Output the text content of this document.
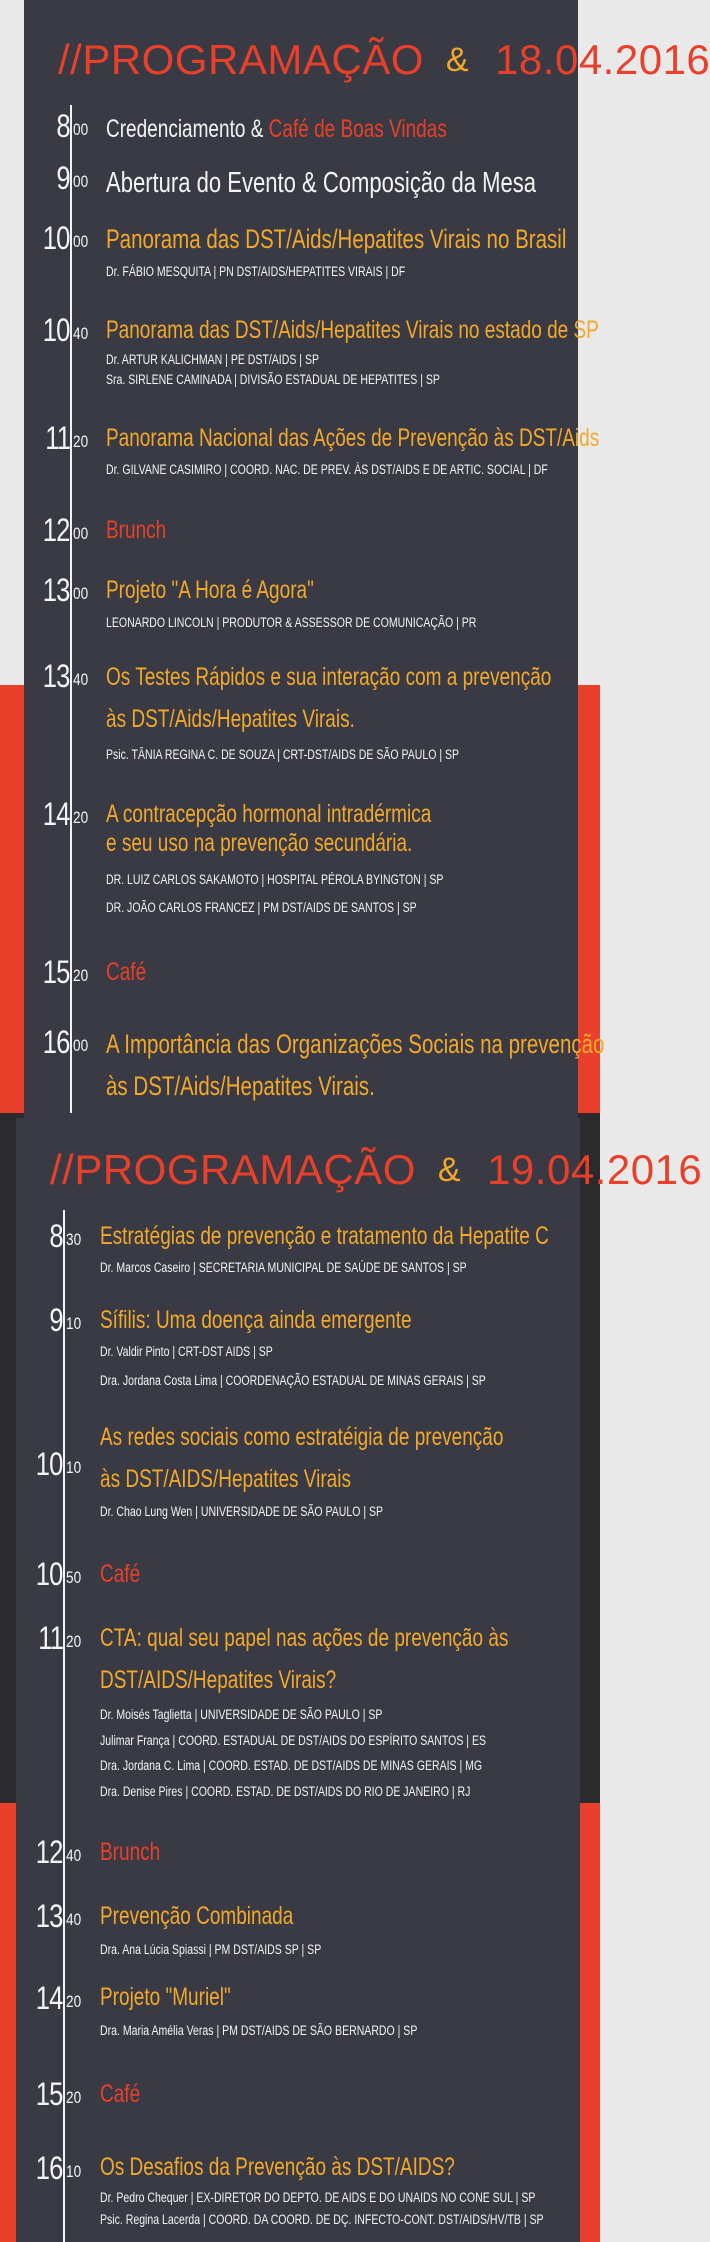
//PROGRAMAÇÃO & 18.04.2016
//PROGRAMAÇÃO & 19.04.2016
8 00 Credenciamento & Café de Boas Vindas
9 00 Abertura do Evento & Composição da Mesa
10 00 Panorama das DST/Aids/Hepatites Virais no Brasil
Dr. FÁBIO MESQUITA | PN DST/AIDS/HEPATITES VIRAIS | DF
10 40 Panorama das DST/Aids/Hepatites Virais no estado de SP
Dr. ARTUR KALICHMAN | PE DST/AIDS | SP
Sra. SIRLENE CAMINADA | DIVISÃO ESTADUAL DE HEPATITES | SP
11 20 Panorama Nacional das Ações de Prevenção às DST/Aids
Dr. GILVANE CASIMIRO | COORD. NAC. DE PREV. ÀS DST/AIDS E DE ARTIC. SOCIAL | DF
12 00 Brunch
13 00 Projeto "A Hora é Agora"
LEONARDO LINCOLN | PRODUTOR & ASSESSOR DE COMUNICAÇÃO | PR
13 40 Os Testes Rápidos e sua interação com a prevenção
às DST/Aids/Hepatites Virais.
Psic. TÂNIA REGINA C. DE SOUZA | CRT-DST/AIDS DE SÃO PAULO | SP
14 20 A contracepção hormonal intradérmica
e seu uso na prevenção secundária.
DR. LUIZ CARLOS SAKAMOTO | HOSPITAL PÉROLA BYINGTON | SP
DR. JOÃO CARLOS FRANCEZ | PM DST/AIDS DE SANTOS | SP
15 20 Café
16 00 A Importância das Organizações Sociais na prevenção
às DST/Aids/Hepatites Virais.
8 30 Estratégias de prevenção e tratamento da Hepatite C
Dr. Marcos Caseiro | SECRETARIA MUNICIPAL DE SAÚDE DE SANTOS | SP
9 10 Sífilis: Uma doença ainda emergente
Dr. Valdir Pinto | CRT-DST AIDS | SP
Dra. Jordana Costa Lima | COORDENAÇÃO ESTADUAL DE MINAS GERAIS | SP
10 10
As redes sociais como estratéigia de prevenção
às DST/AIDS/Hepatites Virais
Dr. Chao Lung Wen | UNIVERSIDADE DE SÃO PAULO | SP
10 50 Café
11 20 CTA: qual seu papel nas ações de prevenção às
DST/AIDS/Hepatites Virais?
Dr. Moisés Taglietta | UNIVERSIDADE DE SÃO PAULO | SP
Julimar França | COORD. ESTADUAL DE DST/AIDS DO ESPÍRITO SANTOS | ES
Dra. Jordana C. Lima | COORD. ESTAD. DE DST/AIDS DE MINAS GERAIS | MG
Dra. Denise Pires | COORD. ESTAD. DE DST/AIDS DO RIO DE JANEIRO | RJ
12 40 Brunch
13 40 Prevenção Combinada
Dra. Ana Lúcia Spiassi | PM DST/AIDS SP | SP
14 20 Projeto "Muriel"
Dra. Maria Amélia Veras | PM DST/AIDS DE SÃO BERNARDO | SP
15 20 Café
16 10 Os Desafios da Prevenção às DST/AIDS?
Dr. Pedro Chequer | EX-DIRETOR DO DEPTO. DE AIDS E DO UNAIDS NO CONE SUL | SP
Psic. Regina Lacerda | COORD. DA COORD. DE DÇ. INFECTO-CONT. DST/AIDS/HV/TB | SP
